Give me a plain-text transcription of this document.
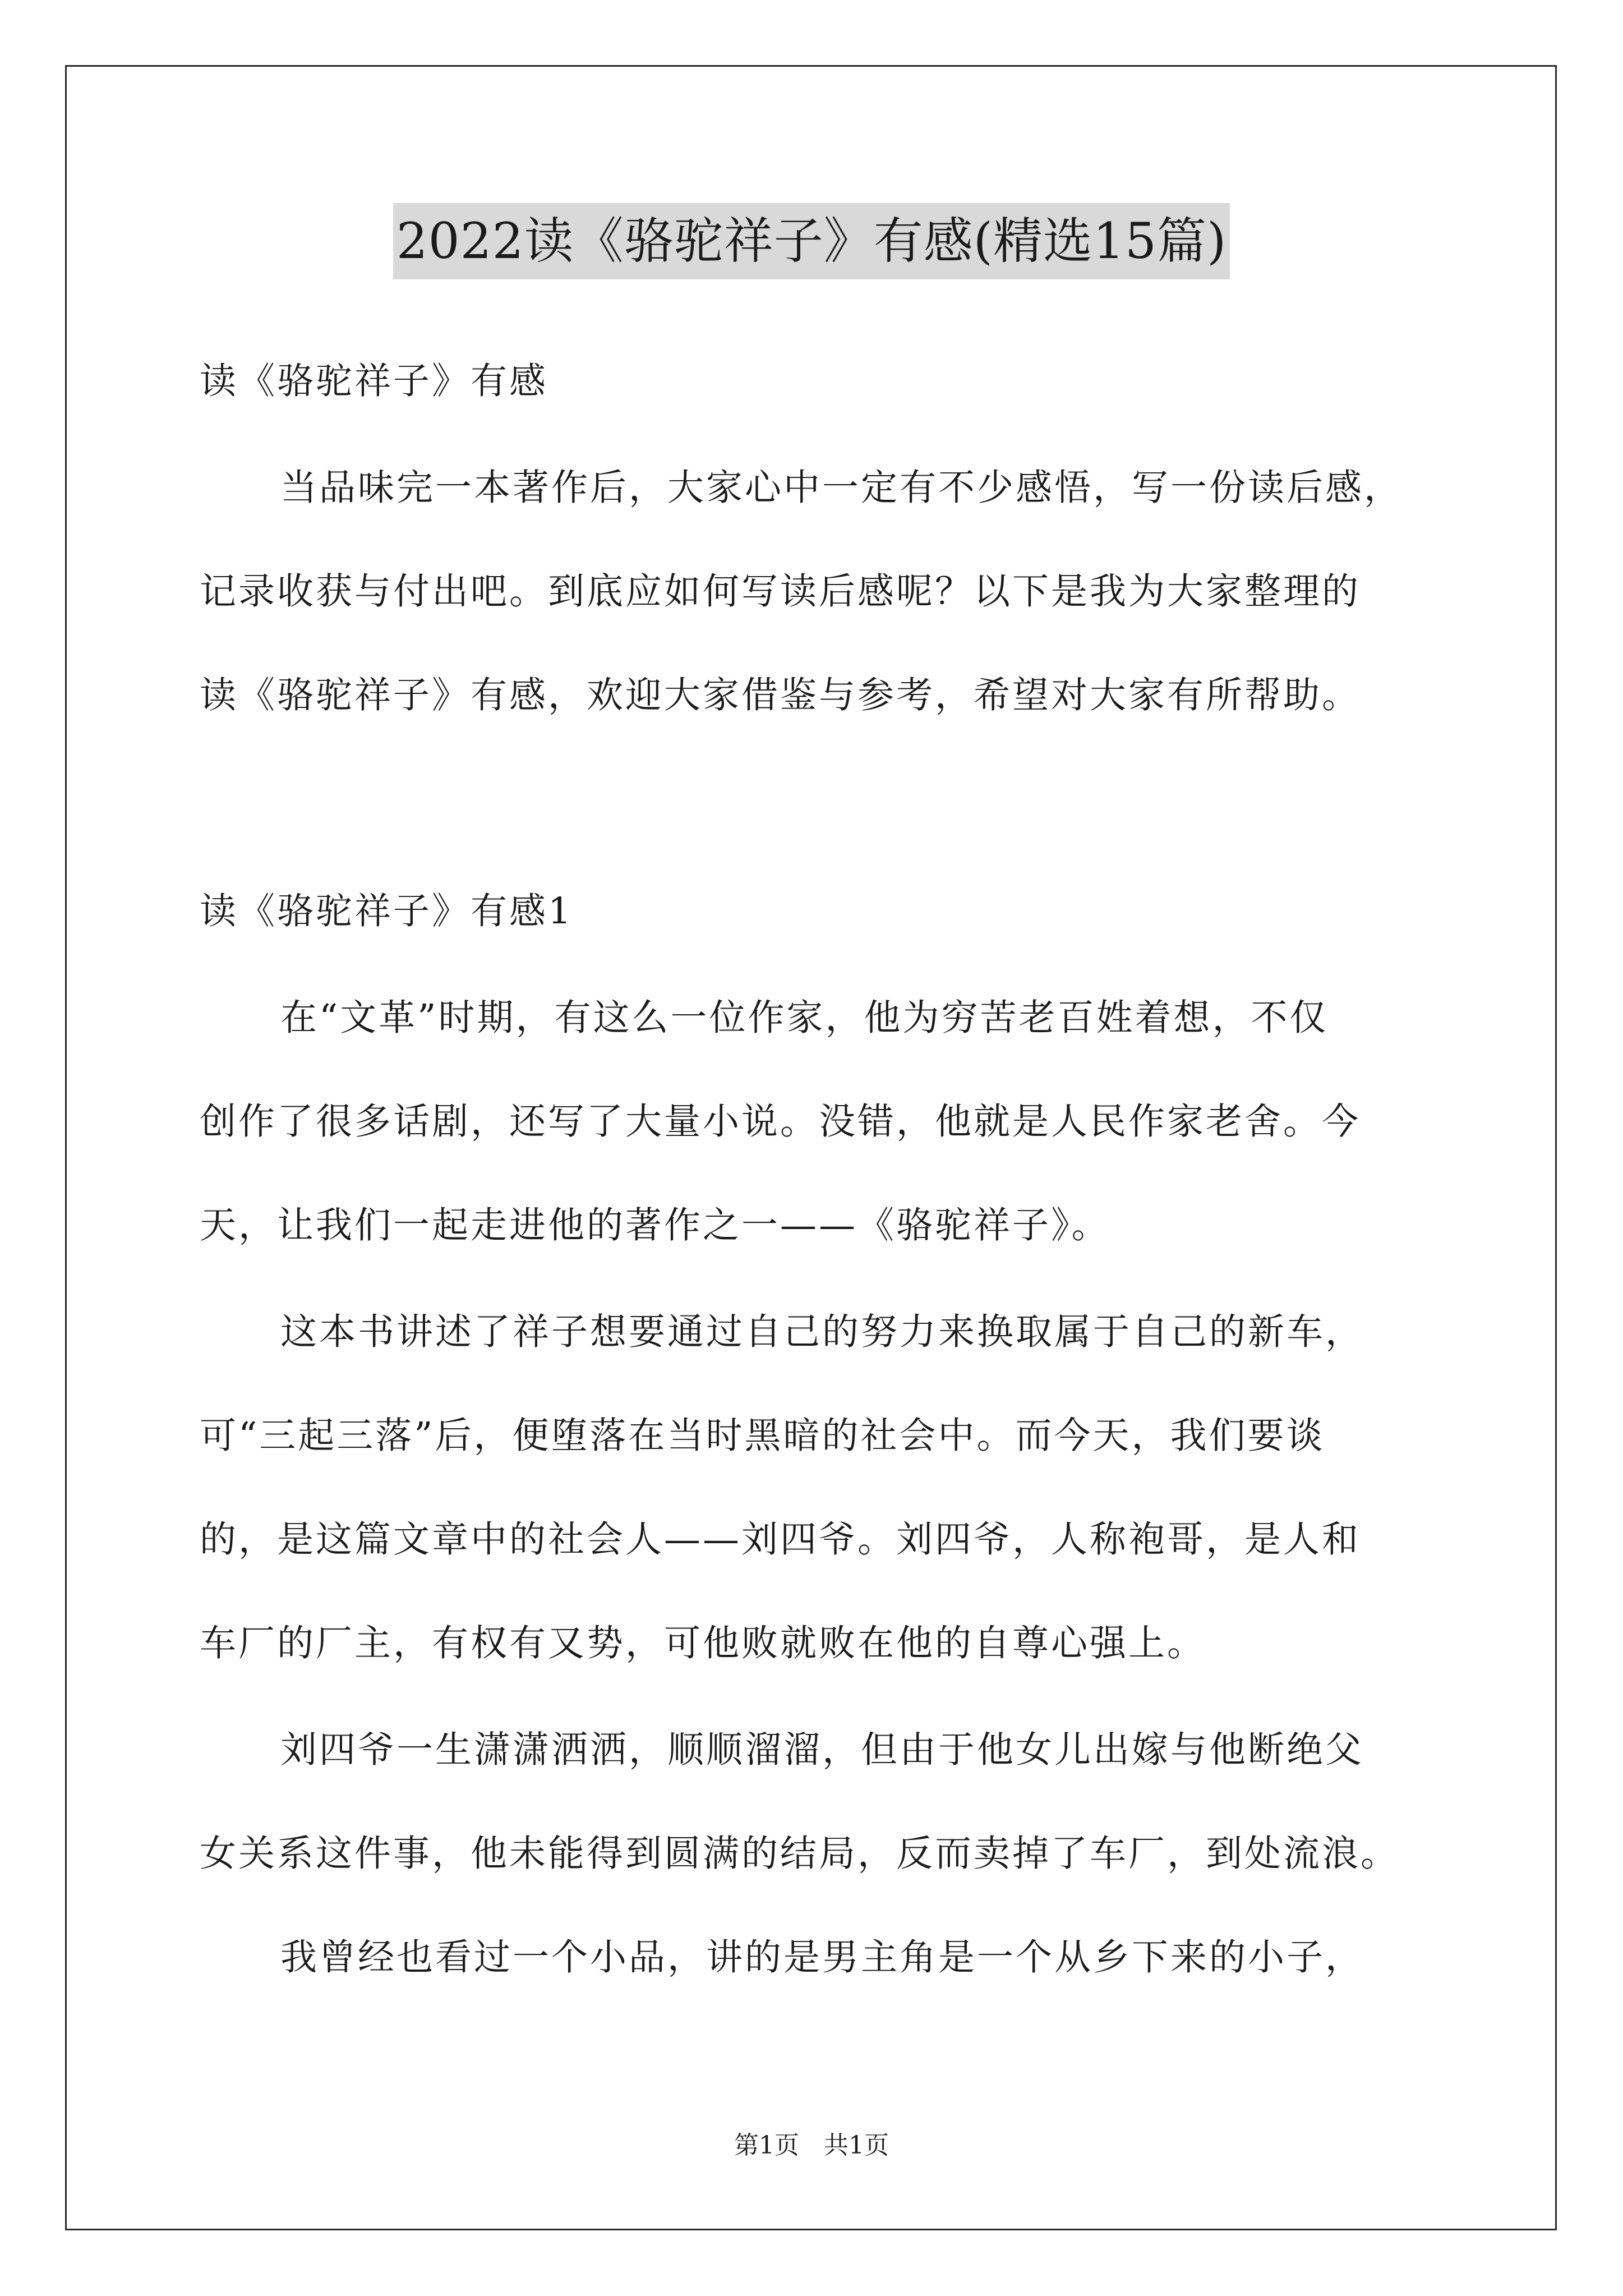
2022读《骆驼祥子》有感(精选15篇)
读《骆驼祥子》有感
当品味完一本著作后，大家心中一定有不少感悟，写一份读后感，
记录收获与付出吧。到底应如何写读后感呢？以下是我为大家整理的
读《骆驼祥子》有感，欢迎大家借鉴与参考，希望对大家有所帮助。
读《骆驼祥子》有感1
在“文革”时期，有这么一位作家，他为穷苦老百姓着想，不仅
创作了很多话剧，还写了大量小说。没错，他就是人民作家老舍。今
天，让我们一起走进他的著作之一——《骆驼祥子》。
这本书讲述了祥子想要通过自己的努力来换取属于自己的新车，
可“三起三落”后，便堕落在当时黑暗的社会中。而今天，我们要谈
的，是这篇文章中的社会人——刘四爷。刘四爷，人称袍哥，是人和
车厂的厂主，有权有又势，可他败就败在他的自尊心强上。
刘四爷一生潇潇洒洒，顺顺溜溜，但由于他女儿出嫁与他断绝父
女关系这件事，他未能得到圆满的结局，反而卖掉了车厂，到处流浪。
我曾经也看过一个小品，讲的是男主角是一个从乡下来的小子，
第1页　共1页
